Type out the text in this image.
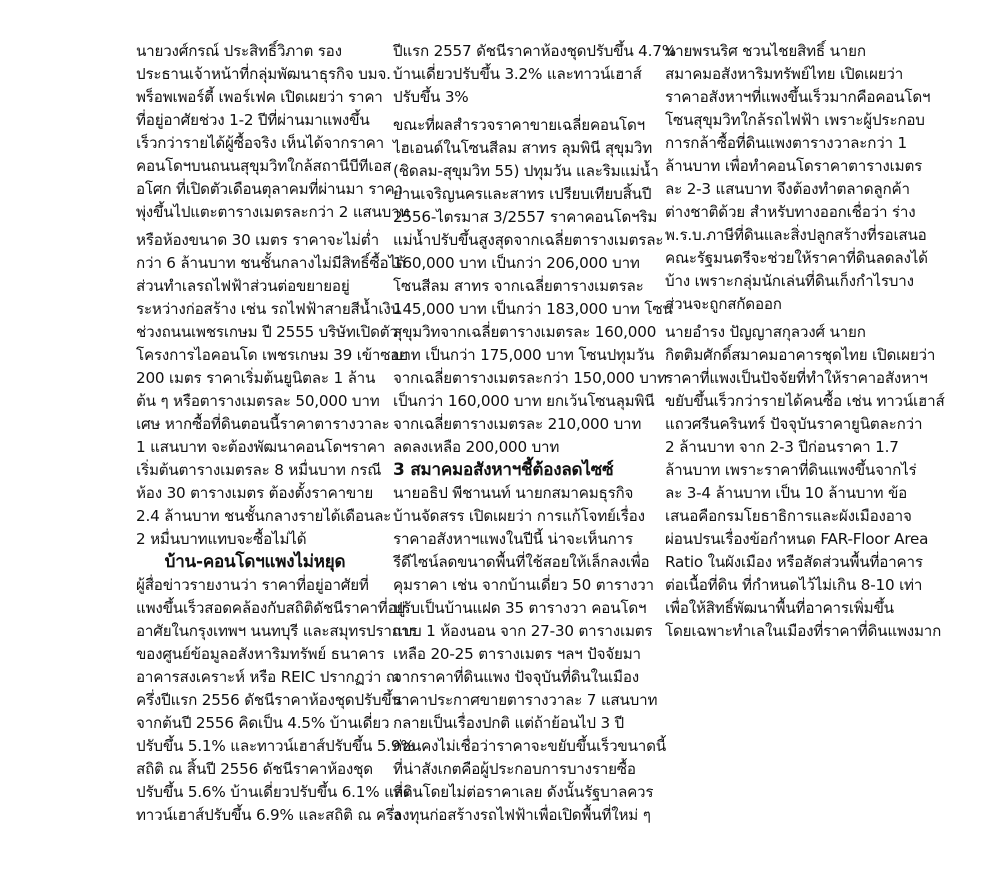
นายวงศ์กรณ์ ประสิทธิ์วิภาต รอง
ประธานเจ้าหน้าที่กลุ่มพัฒนาธุรกิจ บมจ.
พร็อพเพอร์ตี้ เพอร์เฟค เปิดเผยว่า ราคา
ที่อยู่อาศัยช่วง 1-2 ปีที่ผ่านมาแพงขึ้น
เร็วกว่ารายได้ผู้ซื้อจริง เห็นได้จากราคา
คอนโดฯบนถนนสุขุมวิทใกล้สถานีบีทีเอส
อโศก ที่เปิดตัวเดือนตุลาคมที่ผ่านมา ราคา
พุ่งขึ้นไปแตะตารางเมตรละกว่า 2 แสนบาท
หรือห้องขนาด 30 เมตร ราคาจะไม่ต่ำ
กว่า 6 ล้านบาท ชนชั้นกลางไม่มีสิทธิ์ซื้อได้
ส่วนทำเลรถไฟฟ้าส่วนต่อขยายอยู่
ระหว่างก่อสร้าง เช่น รถไฟฟ้าสายสีน้ำเงิน
ช่วงถนนเพชรเกษม ปี 2555 บริษัทเปิดตัว
โครงการไอคอนโด เพชรเกษม 39 เข้าซอย
200 เมตร ราคาเริ่มต้นยูนิตละ 1 ล้าน
ต้น ๆ หรือตารางเมตรละ 50,000 บาท
เศษ หากซื้อที่ดินตอนนี้ราคาตารางวาละ
1 แสนบาท จะต้องพัฒนาคอนโดฯราคา
เริ่มต้นตารางเมตรละ 8 หมื่นบาท กรณี
ห้อง 30 ตารางเมตร ต้องตั้งราคาขาย
2.4 ล้านบาท ชนชั้นกลางรายได้เดือนละ
2 หมื่นบาทแทบจะซื้อไม่ได้
บ้าน-คอนโดฯแพงไม่หยุด
ผู้สื่อข่าวรายงานว่า ราคาที่อยู่อาศัยที่
แพงขึ้นเร็วสอดคล้องกับสถิติดัชนีราคาที่อยู่
อาศัยในกรุงเทพฯ นนทบุรี และสมุทรปราการ
ของศูนย์ข้อมูลอสังหาริมทรัพย์ ธนาคาร
อาคารสงเคราะห์ หรือ REIC ปรากฏว่า ณ
ครึ่งปีแรก 2556 ดัชนีราคาห้องชุดปรับขึ้น
จากต้นปี 2556 คิดเป็น 4.5% บ้านเดี่ยว
ปรับขึ้น 5.1% และทาวน์เฮาส์ปรับขึ้น 5.9%
สถิติ ณ สิ้นปี 2556 ดัชนีราคาห้องชุด
ปรับขึ้น 5.6% บ้านเดี่ยวปรับขึ้น 6.1% และ
ทาวน์เฮาส์ปรับขึ้น 6.9% และสถิติ ณ ครึ่ง
ปีแรก 2557 ดัชนีราคาห้องชุดปรับขึ้น 4.7%
บ้านเดี่ยวปรับขึ้น 3.2% และทาวน์เฮาส์
ปรับขึ้น 3%
ขณะที่ผลสำรวจราคาขายเฉลี่ยคอนโดฯ
ไฮเอนด์ในโซนสีลม สาทร ลุมพินี สุขุมวิท
(ชิดลม-สุขุมวิท 55) ปทุมวัน และริมแม่น้ำ
ย่านเจริญนครและสาทร เปรียบเทียบสิ้นปี
2556-ไตรมาส 3/2557 ราคาคอนโดฯริม
แม่น้ำปรับขึ้นสูงสุดจากเฉลี่ยตารางเมตรละ
160,000 บาท เป็นกว่า 206,000 บาท
โซนสีลม สาทร จากเฉลี่ยตารางเมตรละ
145,000 บาท เป็นกว่า 183,000 บาท โซน
สุขุมวิทจากเฉลี่ยตารางเมตรละ 160,000
บาท เป็นกว่า 175,000 บาท โซนปทุมวัน
จากเฉลี่ยตารางเมตรละกว่า 150,000 บาท
เป็นกว่า 160,000 บาท ยกเว้นโซนลุมพินี
จากเฉลี่ยตารางเมตรละ 210,000 บาท
ลดลงเหลือ 200,000 บาท
3 สมาคมอสังหาฯชี้ต้องลดไซซ์
นายอธิป พีชานนท์ นายกสมาคมธุรกิจ
บ้านจัดสรร เปิดเผยว่า การแก้โจทย์เรื่อง
ราคาอสังหาฯแพงในปีนี้ น่าจะเห็นการ
รีดีไซน์ลดขนาดพื้นที่ใช้สอยให้เล็กลงเพื่อ
คุมราคา เช่น จากบ้านเดี่ยว 50 ตารางวา
ปรับเป็นบ้านแฝด 35 ตารางวา คอนโดฯ
แบบ 1 ห้องนอน จาก 27-30 ตารางเมตร
เหลือ 20-25 ตารางเมตร ฯลฯ ปัจจัยมา
จากราคาที่ดินแพง ปัจจุบันที่ดินในเมือง
ราคาประกาศขายตารางวาละ 7 แสนบาท
กลายเป็นเรื่องปกติ แต่ถ้าย้อนไป 3 ปี
ก่อนคงไม่เชื่อว่าราคาจะขยับขึ้นเร็วขนาดนี้
ที่น่าสังเกตคือผู้ประกอบการบางรายซื้อ
ที่ดินโดยไม่ต่อราคาเลย ดังนั้นรัฐบาลควร
ลงทุนก่อสร้างรถไฟฟ้าเพื่อเปิดพื้นที่ใหม่ ๆ
นายพรนริศ ชวนไชยสิทธิ์ นายก
สมาคมอสังหาริมทรัพย์ไทย เปิดเผยว่า
ราคาอสังหาฯที่แพงขึ้นเร็วมากคือคอนโดฯ
โซนสุขุมวิทใกล้รถไฟฟ้า เพราะผู้ประกอบ
การกล้าซื้อที่ดินแพงตารางวาละกว่า 1
ล้านบาท เพื่อทำคอนโดราคาตารางเมตร
ละ 2-3 แสนบาท จึงต้องทำตลาดลูกค้า
ต่างชาติด้วย สำหรับทางออกเชื่อว่า ร่าง
พ.ร.บ.ภาษีที่ดินและสิ่งปลูกสร้างที่รอเสนอ
คณะรัฐมนตรีจะช่วยให้ราคาที่ดินลดลงได้
บ้าง เพราะกลุ่มนักเล่นที่ดินเก็งกำไรบาง
ส่วนจะถูกสกัดออก
นายอำรง ปัญญาสกุลวงศ์ นายก
กิตติมศักดิ์สมาคมอาคารชุดไทย เปิดเผยว่า
ราคาที่แพงเป็นปัจจัยที่ทำให้ราคาอสังหาฯ
ขยับขึ้นเร็วกว่ารายได้คนซื้อ เช่น ทาวน์เฮาส์
แถวศรีนครินทร์ ปัจจุบันราคายูนิตละกว่า
2 ล้านบาท จาก 2-3 ปีก่อนราคา 1.7
ล้านบาท เพราะราคาที่ดินแพงขึ้นจากไร่
ละ 3-4 ล้านบาท เป็น 10 ล้านบาท ข้อ
เสนอคือกรมโยธาธิการและผังเมืองอาจ
ผ่อนปรนเรื่องข้อกำหนด FAR-Floor Area
Ratio ในผังเมือง หรือสัดส่วนพื้นที่อาคาร
ต่อเนื้อที่ดิน ที่กำหนดไว้ไม่เกิน 8-10 เท่า
เพื่อให้สิทธิ์พัฒนาพื้นที่อาคารเพิ่มขึ้น
โดยเฉพาะทำเลในเมืองที่ราคาที่ดินแพงมาก
